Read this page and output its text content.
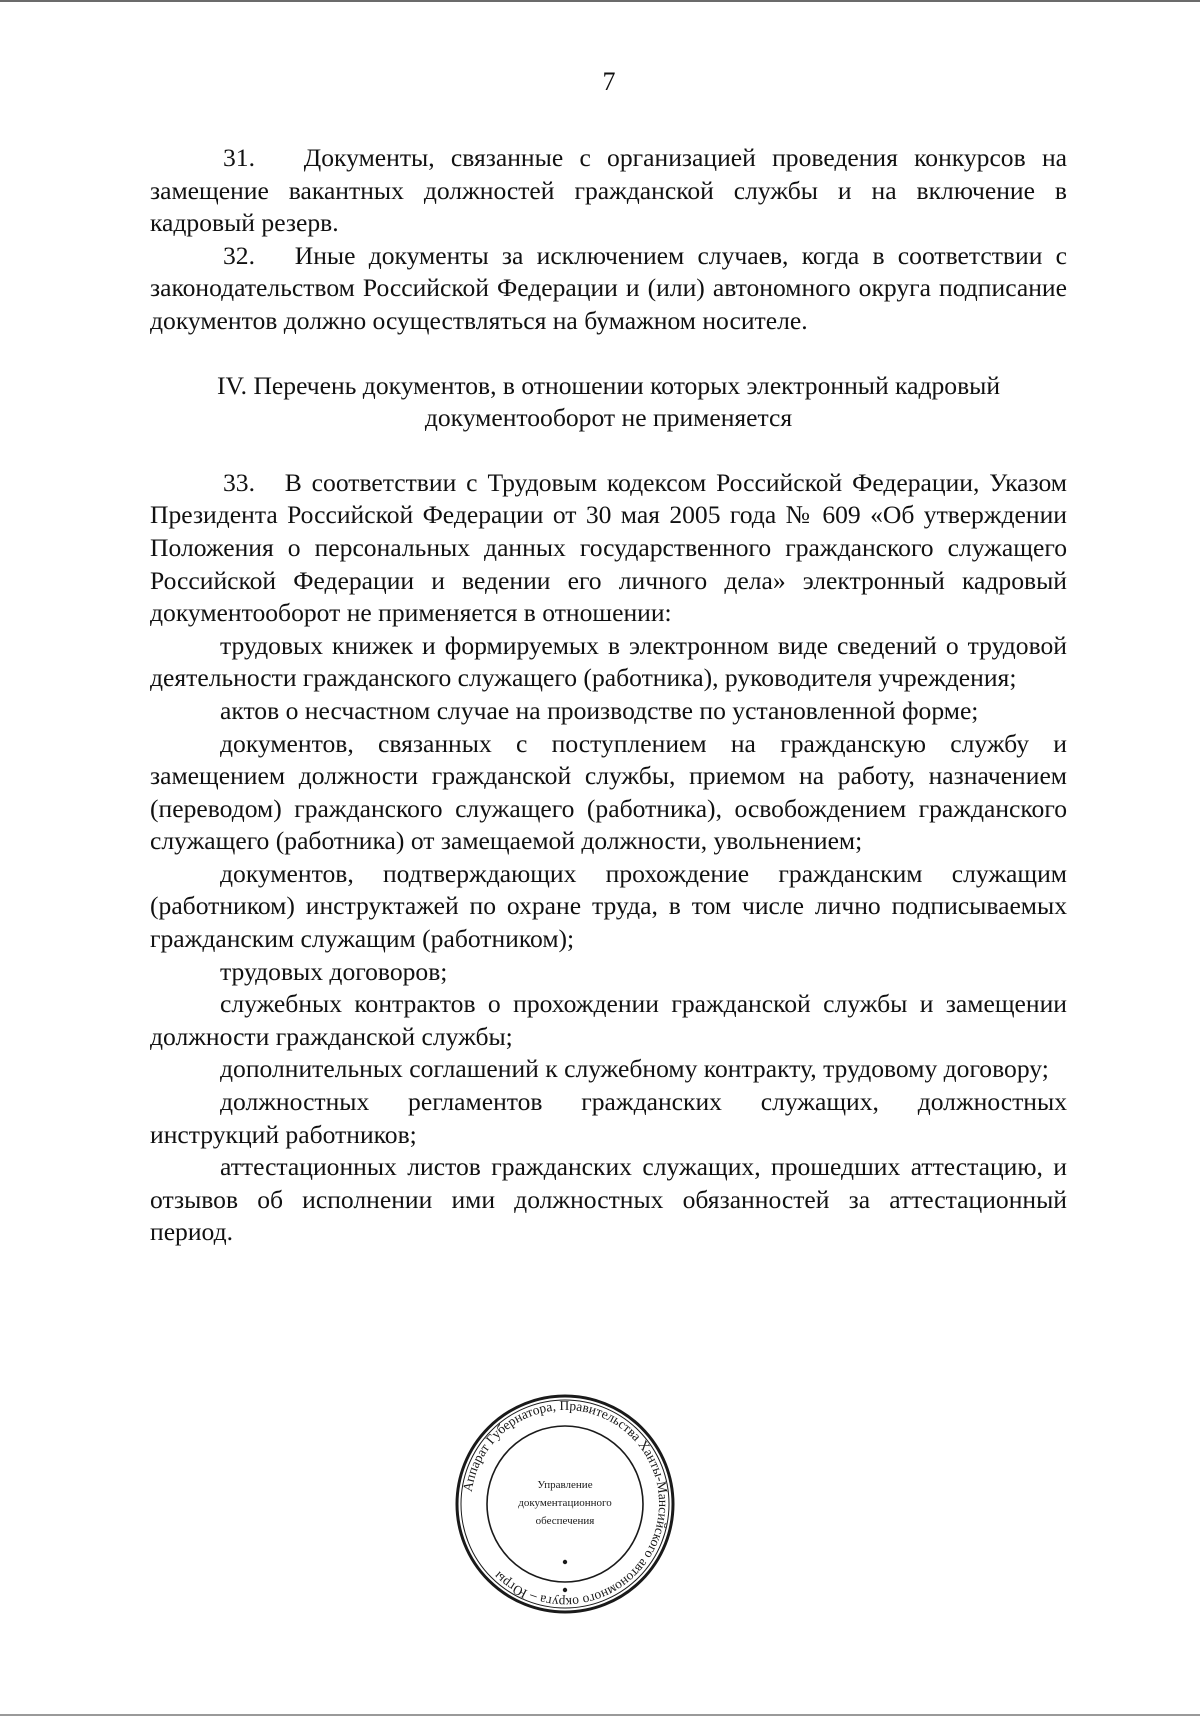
7

31. Документы, связанные с организацией проведения конкурсов на замещение вакантных должностей гражданской службы и на включение в кадровый резерв.

32. Иные документы за исключением случаев, когда в соответствии с законодательством Российской Федерации и (или) автономного округа подписание документов должно осуществляться на бумажном носителе.

IV. Перечень документов, в отношении которых электронный кадровый
документооборот не применяется

33. В соответствии с Трудовым кодексом Российской Федерации, Указом Президента Российской Федерации от 30 мая 2005 года № 609 «Об утверждении Положения о персональных данных государственного гражданского служащего Российской Федерации и ведении его личного дела» электронный кадровый документооборот не применяется в отношении:

трудовых книжек и формируемых в электронном виде сведений о трудовой деятельности гражданского служащего (работника), руководителя учреждения;

актов о несчастном случае на производстве по установленной форме;

документов, связанных с поступлением на гражданскую службу и замещением должности гражданской службы, приемом на работу, назначением (переводом) гражданского служащего (работника), освобождением гражданского служащего (работника) от замещаемой должности, увольнением;

документов, подтверждающих прохождение гражданским служащим (работником) инструктажей по охране труда, в том числе лично подписываемых гражданским служащим (работником);

трудовых договоров;

служебных контрактов о прохождении гражданской службы и замещении должности гражданской службы;

дополнительных соглашений к служебному контракту, трудовому договору;

должностных регламентов гражданских служащих, должностных инструкций работников;

аттестационных листов гражданских служащих, прошедших аттестацию, и отзывов об исполнении ими должностных обязанностей за аттестационный период.

Аппарат Губернатора, Правительства Ханты-Мансийского автономного округа – Югры
Управление
документационного
обеспечения
